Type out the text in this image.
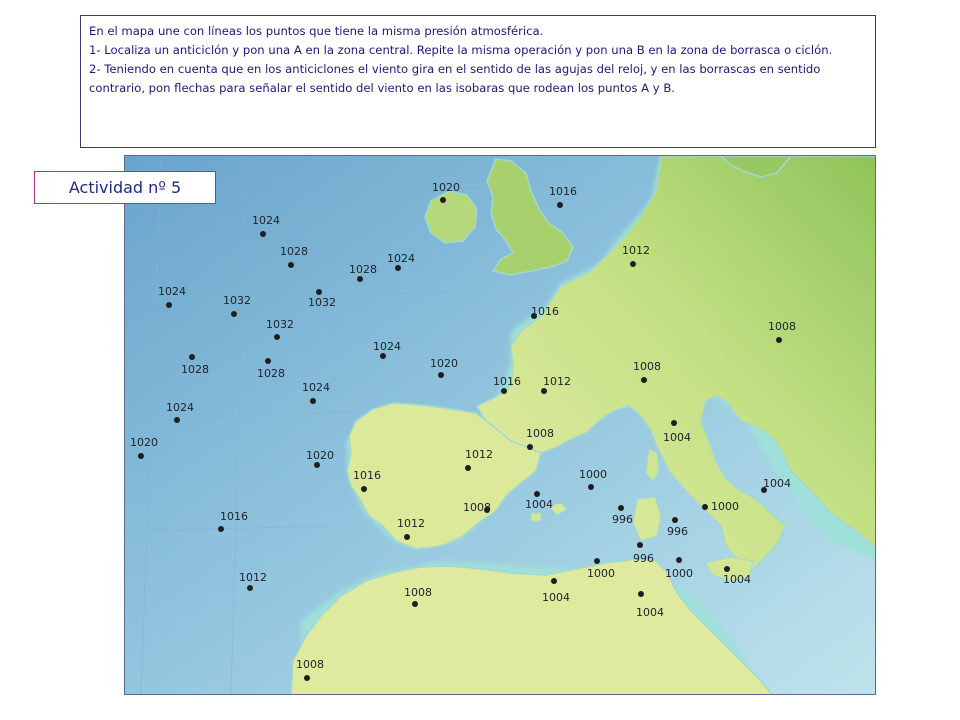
En el mapa une con líneas los puntos que tiene la misma presión atmosférica.

1- Localiza un anticiclón y pon una A en la zona central. Repite la misma operación y pon una B en la zona de borrasca o ciclón.

2- Teniendo en cuenta que en los anticiclones el viento gira en el sentido de las agujas del reloj, y en las borrascas en sentido contrario, pon flechas para señalar el sentido del viento en las isobaras que rodean los puntos A y B.

Actividad nº 5	1020	1016
1024
1028
1024
1028
1012
1024
1032	1032
1016
1008
1032
1024
1028	1028
1020	1008
1016 1012
1024
1024
1008	1004
1020
1012
1020
1016	1000
1004
1008
1004
1000
996
996
1016
1012
996
1000	1000	1004
1012
1004
1008
1004
1008
